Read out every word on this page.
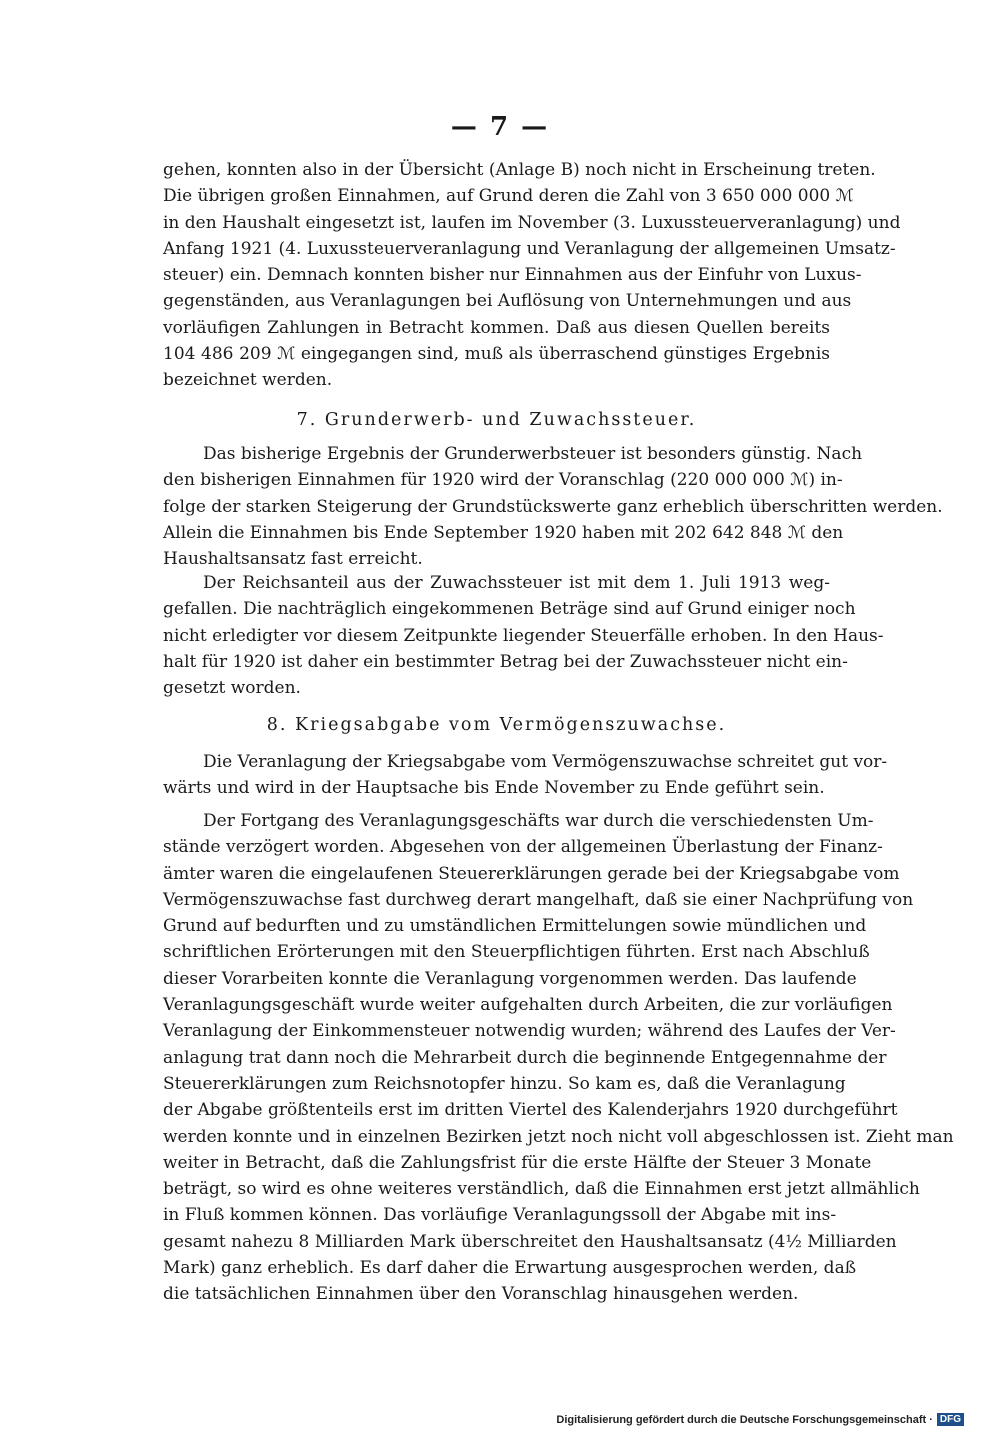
— 7 —
gehen, konnten also in der Übersicht (Anlage B) noch nicht in Erscheinung treten.
Die übrigen großen Einnahmen, auf Grund deren die Zahl von 3 650 000 000 ℳ
in den Haushalt eingesetzt ist, laufen im November (3. Luxussteuerveranlagung) und
Anfang 1921 (4. Luxussteuerveranlagung und Veranlagung der allgemeinen Umsatz-
steuer) ein. Demnach konnten bisher nur Einnahmen aus der Einfuhr von Luxus-
gegenständen, aus Veranlagungen bei Auflösung von Unternehmungen und aus
vorläufigen Zahlungen in Betracht kommen. Daß aus diesen Quellen bereits
104 486 209 ℳ eingegangen sind, muß als überraschend günstiges Ergebnis
bezeichnet werden.
7. Grunderwerb- und Zuwachssteuer.
Das bisherige Ergebnis der Grunderwerbsteuer ist besonders günstig. Nach
den bisherigen Einnahmen für 1920 wird der Voranschlag (220 000 000 ℳ) in-
folge der starken Steigerung der Grundstückswerte ganz erheblich überschritten werden.
Allein die Einnahmen bis Ende September 1920 haben mit 202 642 848 ℳ den
Haushaltsansatz fast erreicht.
Der Reichsanteil aus der Zuwachssteuer ist mit dem 1. Juli 1913 weg-
gefallen. Die nachträglich eingekommenen Beträge sind auf Grund einiger noch
nicht erledigter vor diesem Zeitpunkte liegender Steuerfälle erhoben. In den Haus-
halt für 1920 ist daher ein bestimmter Betrag bei der Zuwachssteuer nicht ein-
gesetzt worden.
8. Kriegsabgabe vom Vermögenszuwachse.
Die Veranlagung der Kriegsabgabe vom Vermögenszuwachse schreitet gut vor-
wärts und wird in der Hauptsache bis Ende November zu Ende geführt sein.
Der Fortgang des Veranlagungsgeschäfts war durch die verschiedensten Um-
stände verzögert worden. Abgesehen von der allgemeinen Überlastung der Finanz-
ämter waren die eingelaufenen Steuererklärungen gerade bei der Kriegsabgabe vom
Vermögenszuwachse fast durchweg derart mangelhaft, daß sie einer Nachprüfung von
Grund auf bedurften und zu umständlichen Ermittelungen sowie mündlichen und
schriftlichen Erörterungen mit den Steuerpflichtigen führten. Erst nach Abschluß
dieser Vorarbeiten konnte die Veranlagung vorgenommen werden. Das laufende
Veranlagungsgeschäft wurde weiter aufgehalten durch Arbeiten, die zur vorläufigen
Veranlagung der Einkommensteuer notwendig wurden; während des Laufes der Ver-
anlagung trat dann noch die Mehrarbeit durch die beginnende Entgegennahme der
Steuererklärungen zum Reichsnotopfer hinzu. So kam es, daß die Veranlagung
der Abgabe größtenteils erst im dritten Viertel des Kalenderjahrs 1920 durchgeführt
werden konnte und in einzelnen Bezirken jetzt noch nicht voll abgeschlossen ist. Zieht man
weiter in Betracht, daß die Zahlungsfrist für die erste Hälfte der Steuer 3 Monate
beträgt, so wird es ohne weiteres verständlich, daß die Einnahmen erst jetzt allmählich
in Fluß kommen können. Das vorläufige Veranlagungssoll der Abgabe mit ins-
gesamt nahezu 8 Milliarden Mark überschreitet den Haushaltsansatz (4½ Milliarden
Mark) ganz erheblich. Es darf daher die Erwartung ausgesprochen werden, daß
die tatsächlichen Einnahmen über den Voranschlag hinausgehen werden.
Digitalisierung gefördert durch die Deutsche Forschungsgemeinschaft · DFG
